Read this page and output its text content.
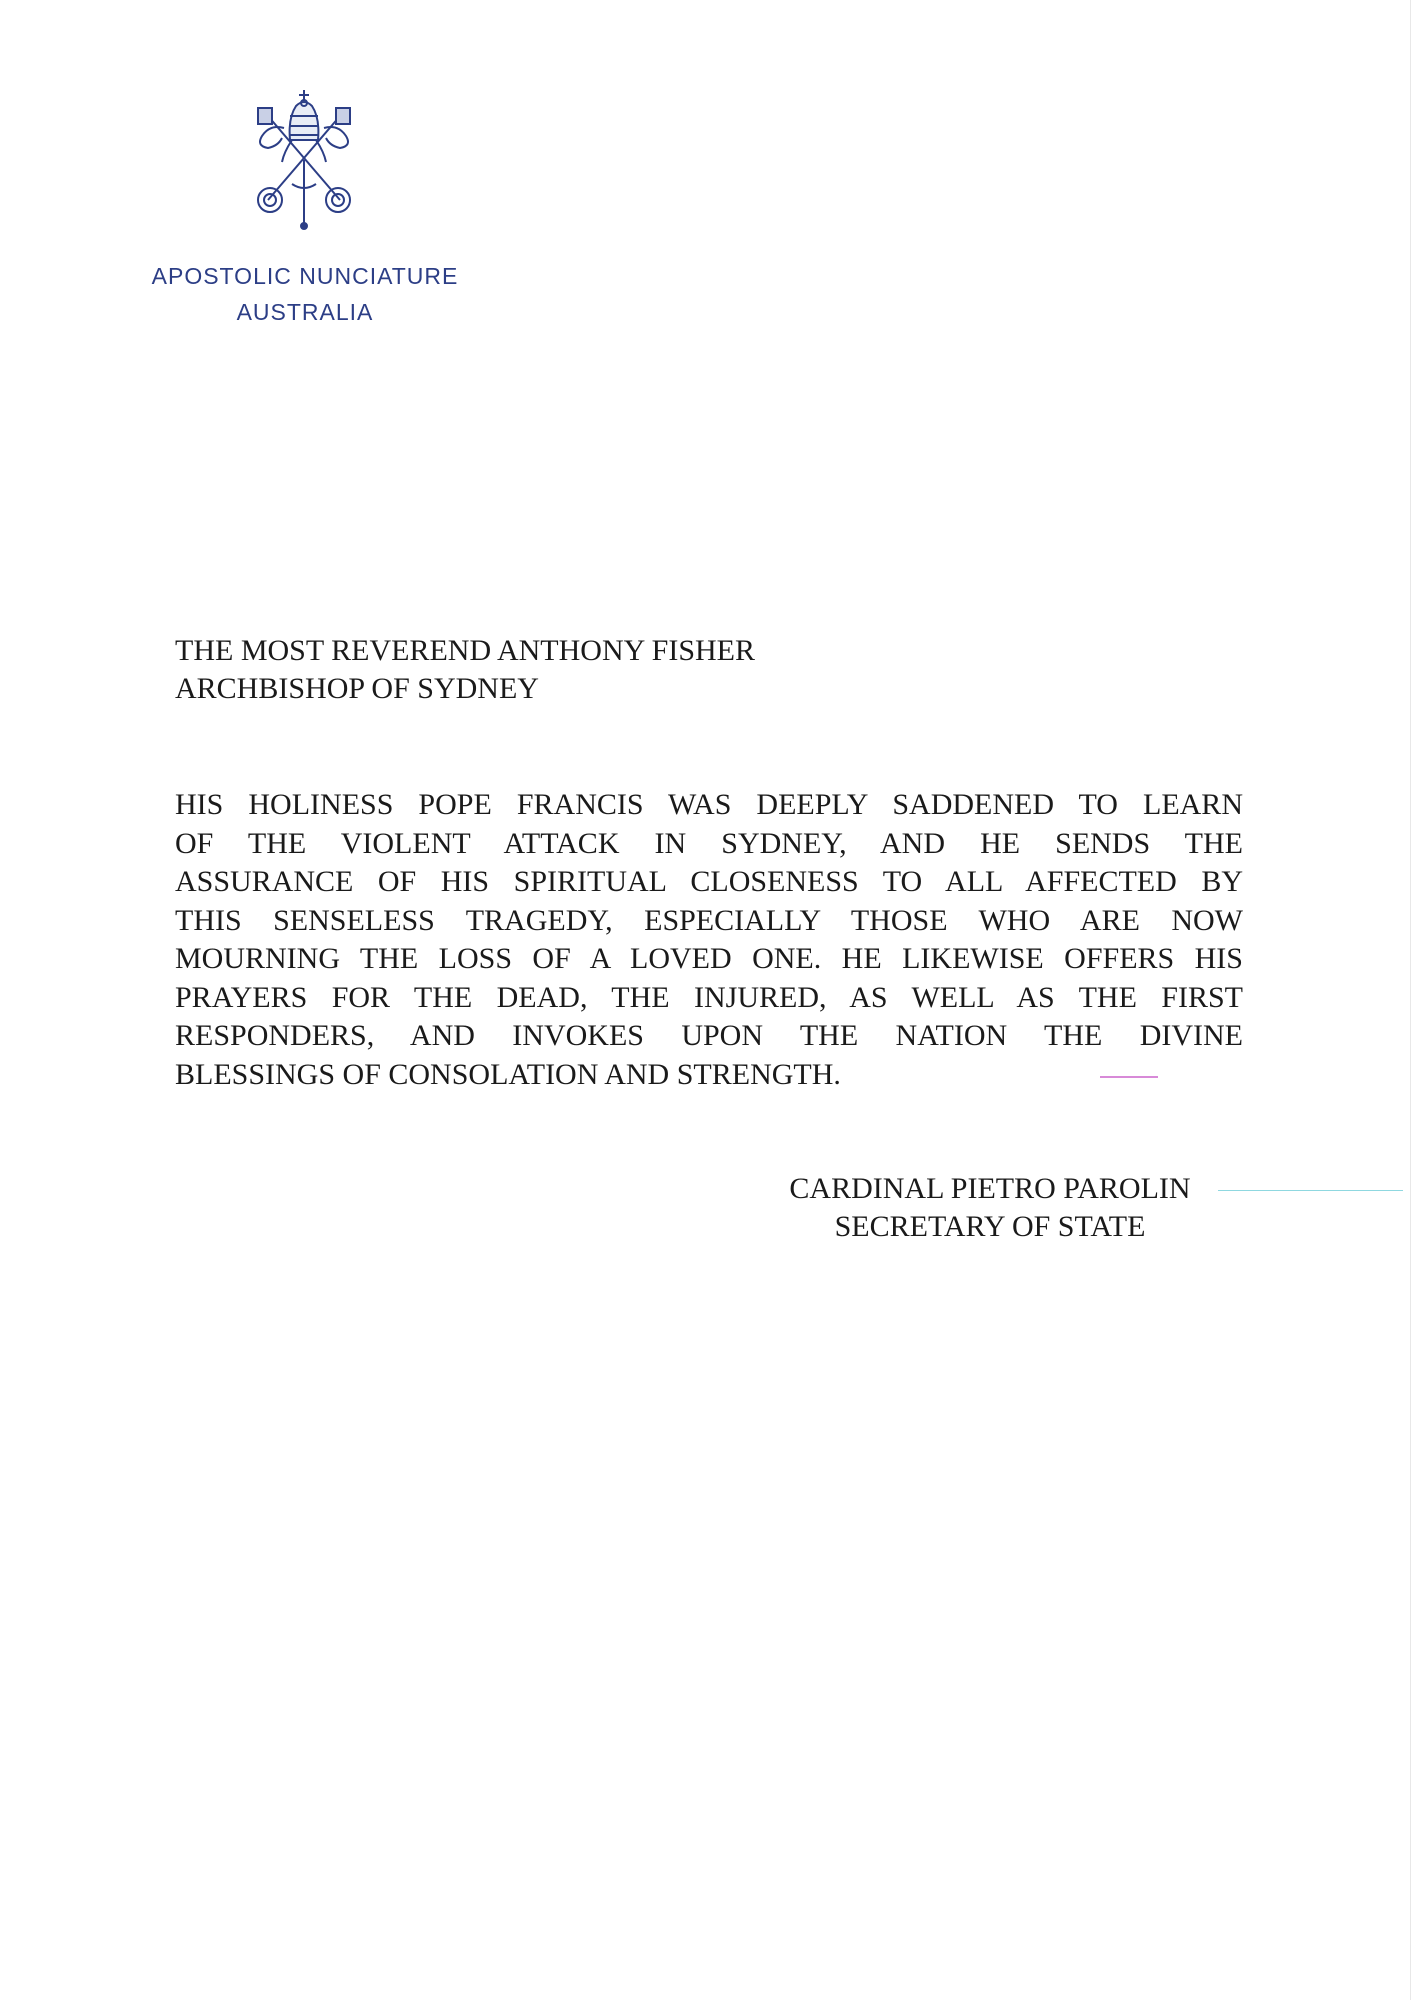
APOSTOLIC NUNCIATURE
AUSTRALIA
THE MOST REVEREND ANTHONY FISHER
ARCHBISHOP OF SYDNEY
HIS HOLINESS POPE FRANCIS WAS DEEPLY SADDENED TO LEARN
OF THE VIOLENT ATTACK IN SYDNEY, AND HE SENDS THE
ASSURANCE OF HIS SPIRITUAL CLOSENESS TO ALL AFFECTED BY
THIS SENSELESS TRAGEDY, ESPECIALLY THOSE WHO ARE NOW
MOURNING THE LOSS OF A LOVED ONE. HE LIKEWISE OFFERS HIS
PRAYERS FOR THE DEAD, THE INJURED, AS WELL AS THE FIRST
RESPONDERS, AND INVOKES UPON THE NATION THE DIVINE
BLESSINGS OF CONSOLATION AND STRENGTH.
CARDINAL PIETRO PAROLIN
SECRETARY OF STATE
